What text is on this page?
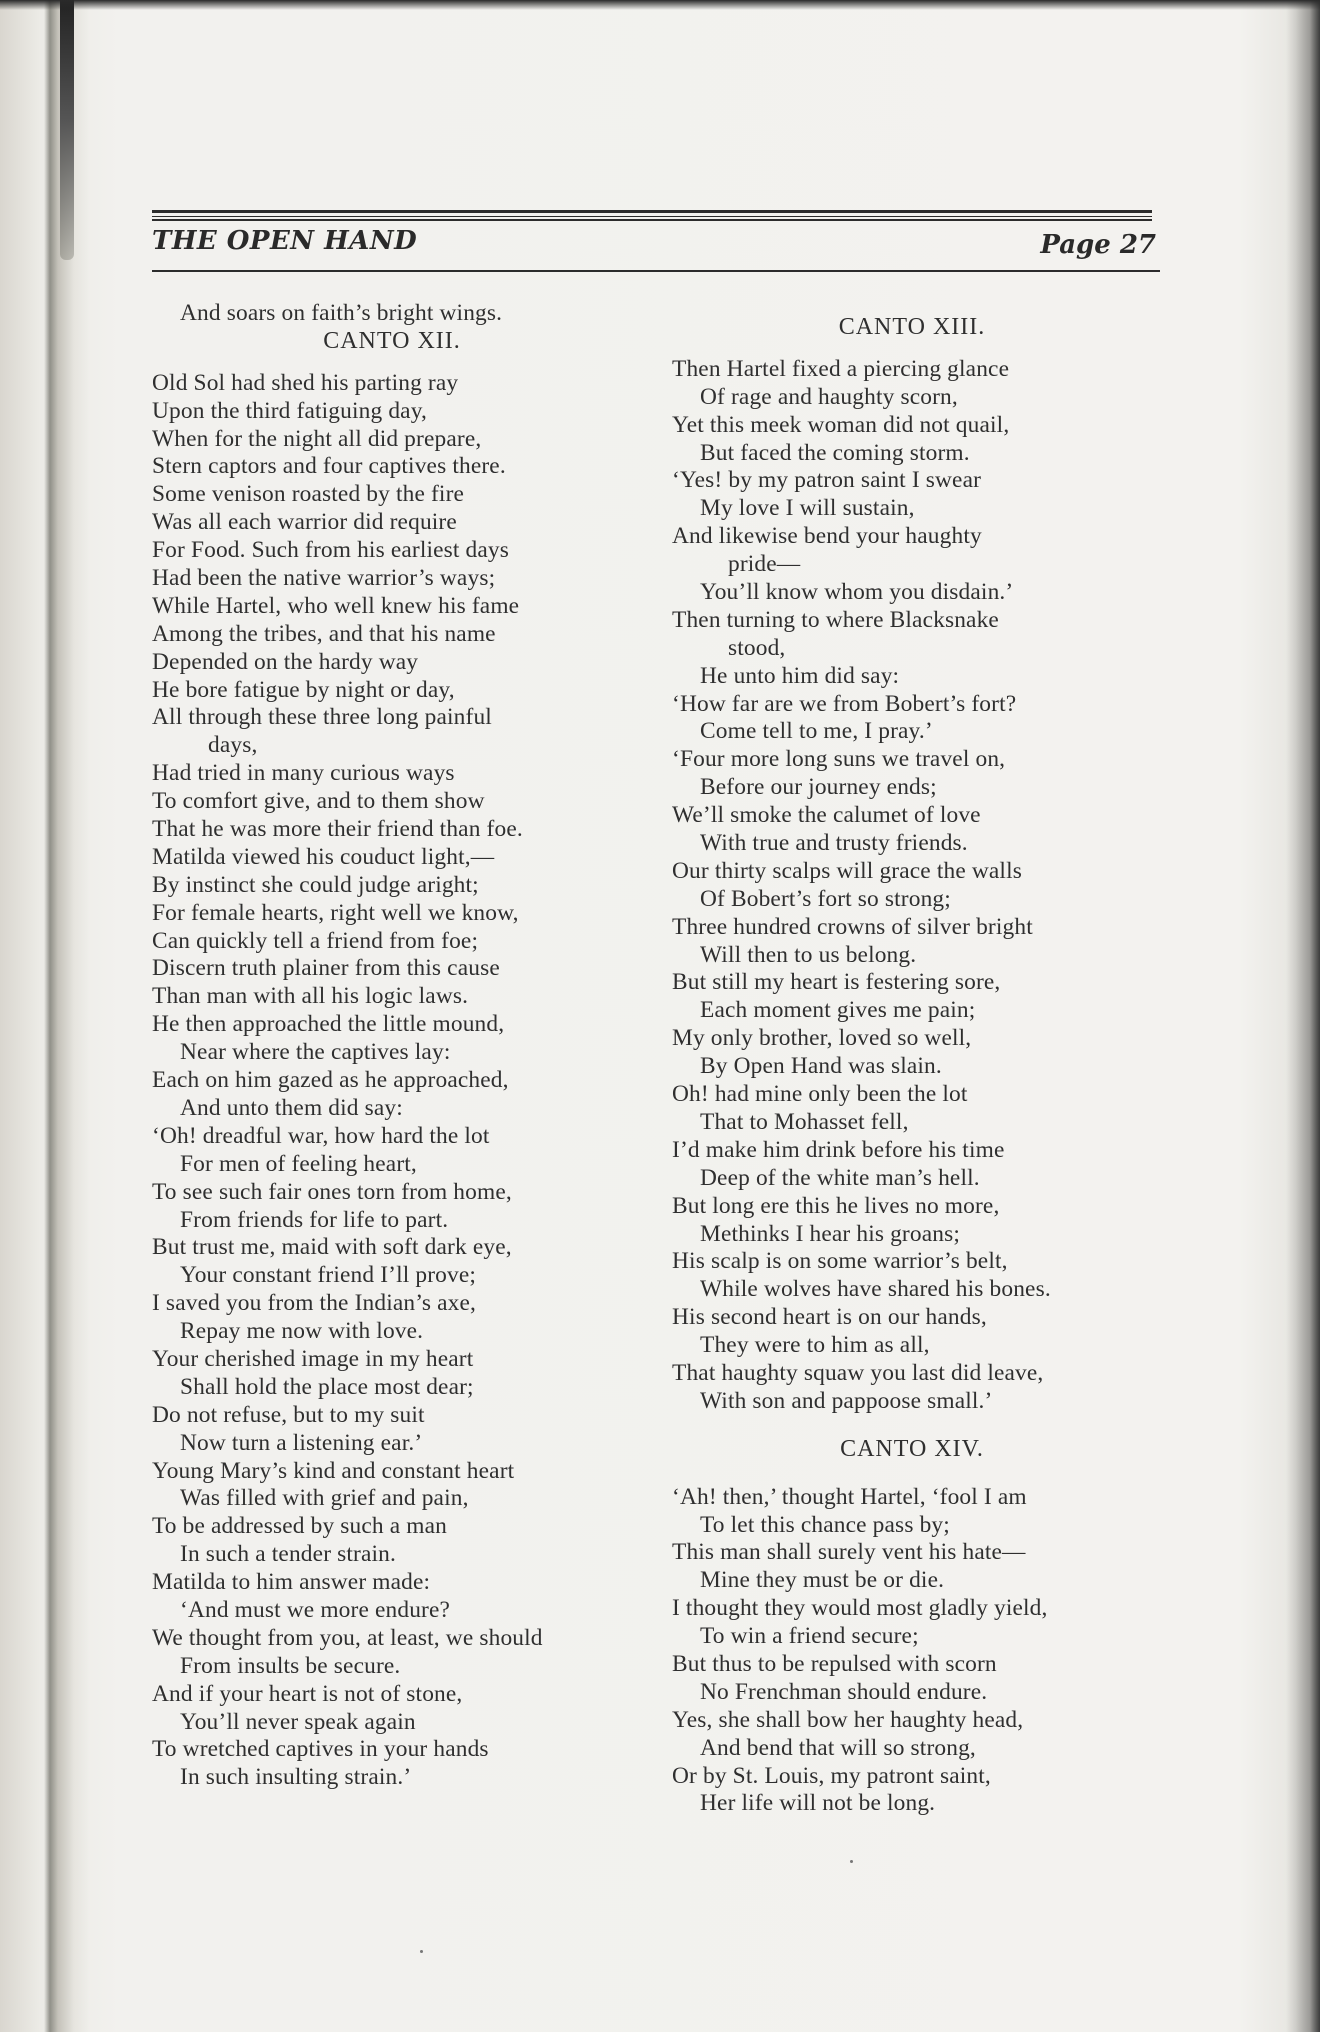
THE OPEN HAND	Page 27
And soars on faith’s bright wings.
CANTO XII.
Old Sol had shed his parting ray
Upon the third fatiguing day,
When for the night all did prepare,
Stern captors and four captives there.
Some venison roasted by the fire
Was all each warrior did require
For Food. Such from his earliest days
Had been the native warrior’s ways;
While Hartel, who well knew his fame
Among the tribes, and that his name
Depended on the hardy way
He bore fatigue by night or day,
All through these three long painful
days,
Had tried in many curious ways
To comfort give, and to them show
That he was more their friend than foe.
Matilda viewed his couduct light,—
By instinct she could judge aright;
For female hearts, right well we know,
Can quickly tell a friend from foe;
Discern truth plainer from this cause
Than man with all his logic laws.
He then approached the little mound,
Near where the captives lay:
Each on him gazed as he approached,
And unto them did say:
‘Oh! dreadful war, how hard the lot
For men of feeling heart,
To see such fair ones torn from home,
From friends for life to part.
But trust me, maid with soft dark eye,
Your constant friend I’ll prove;
I saved you from the Indian’s axe,
Repay me now with love.
Your cherished image in my heart
Shall hold the place most dear;
Do not refuse, but to my suit
Now turn a listening ear.’
Young Mary’s kind and constant heart
Was filled with grief and pain,
To be addressed by such a man
In such a tender strain.
Matilda to him answer made:
‘And must we more endure?
We thought from you, at least, we should
From insults be secure.
And if your heart is not of stone,
You’ll never speak again
To wretched captives in your hands
In such insulting strain.’
CANTO XIII.
Then Hartel fixed a piercing glance
Of rage and haughty scorn,
Yet this meek woman did not quail,
But faced the coming storm.
‘Yes! by my patron saint I swear
My love I will sustain,
And likewise bend your haughty
pride—
You’ll know whom you disdain.’
Then turning to where Blacksnake
stood,
He unto him did say:
‘How far are we from Bobert’s fort?
Come tell to me, I pray.’
‘Four more long suns we travel on,
Before our journey ends;
We’ll smoke the calumet of love
With true and trusty friends.
Our thirty scalps will grace the walls
Of Bobert’s fort so strong;
Three hundred crowns of silver bright
Will then to us belong.
But still my heart is festering sore,
Each moment gives me pain;
My only brother, loved so well,
By Open Hand was slain.
Oh! had mine only been the lot
That to Mohasset fell,
I’d make him drink before his time
Deep of the white man’s hell.
But long ere this he lives no more,
Methinks I hear his groans;
His scalp is on some warrior’s belt,
While wolves have shared his bones.
His second heart is on our hands,
They were to him as all,
That haughty squaw you last did leave,
With son and pappoose small.’
CANTO XIV.
‘Ah! then,’ thought Hartel, ‘fool I am
To let this chance pass by;
This man shall surely vent his hate—
Mine they must be or die.
I thought they would most gladly yield,
To win a friend secure;
But thus to be repulsed with scorn
No Frenchman should endure.
Yes, she shall bow her haughty head,
And bend that will so strong,
Or by St. Louis, my patront saint,
Her life will not be long.
